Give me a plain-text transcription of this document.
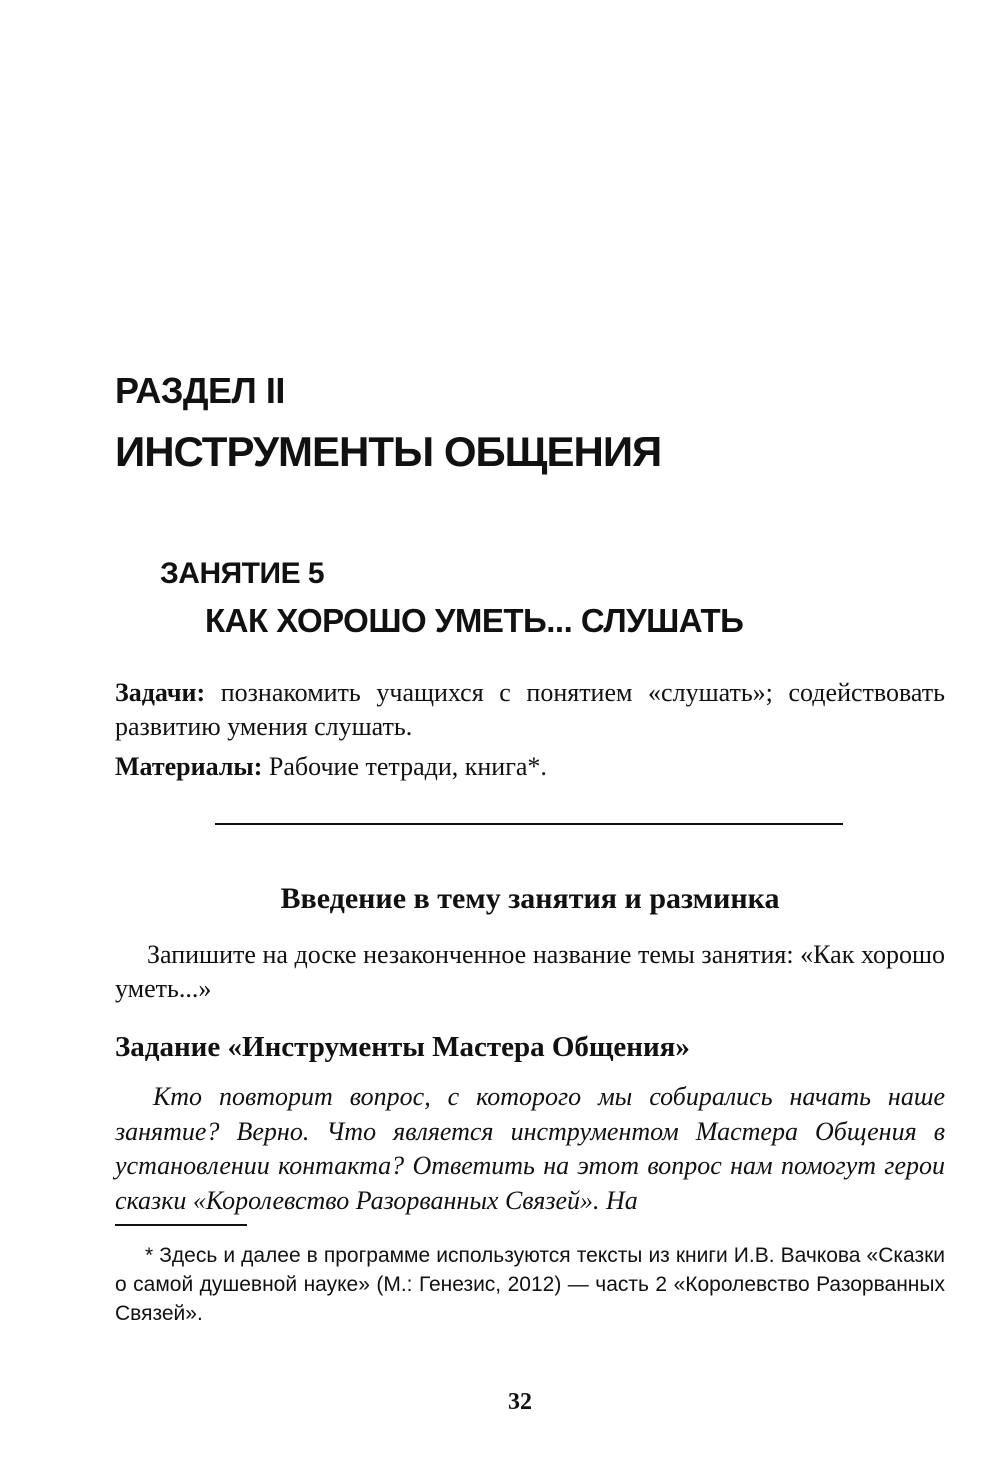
РАЗДЕЛ II
ИНСТРУМЕНТЫ ОБЩЕНИЯ
ЗАНЯТИЕ 5
КАК ХОРОШО УМЕТЬ... СЛУШАТЬ
Задачи: познакомить учащихся с понятием «слушать»; содействовать развитию умения слушать.
Материалы: Рабочие тетради, книга*.
Введение в тему занятия и разминка
Запишите на доске незаконченное название темы занятия: «Как хорошо уметь...»
Задание «Инструменты Мастера Общения»
Кто повторит вопрос, с которого мы собирались начать наше занятие? Верно. Что является инструментом Мастера Общения в установлении контакта? Ответить на этот вопрос нам помогут герои сказки «Королевство Разорванных Связей». На
* Здесь и далее в программе используются тексты из книги И.В. Вачкова «Сказки о самой душевной науке» (М.: Генезис, 2012) — часть 2 «Королевство Разорванных Связей».
32
